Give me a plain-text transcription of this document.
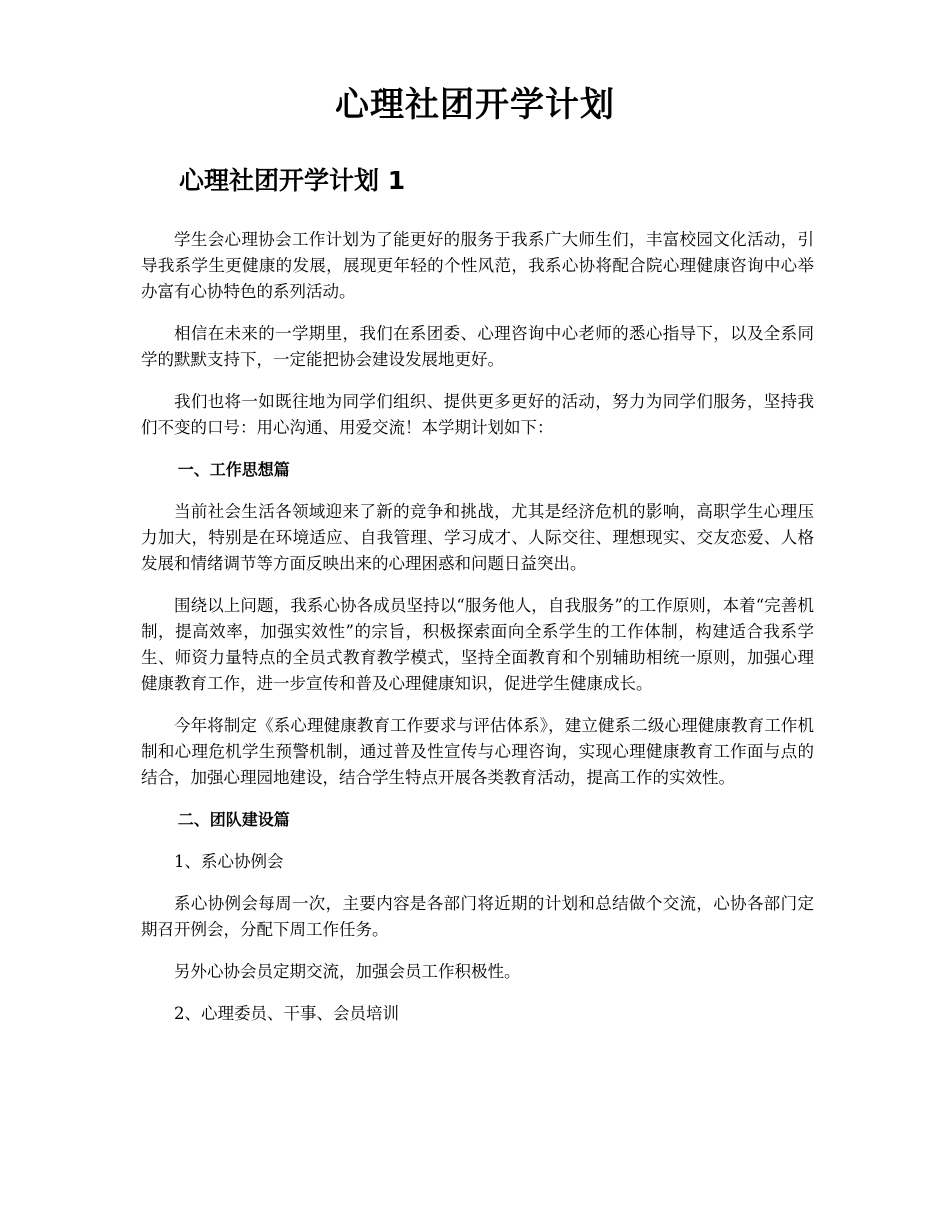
心理社团开学计划
心理社团开学计划 1

学生会心理协会工作计划为了能更好的服务于我系广大师生们，丰富校园文化活动，引导我系学生更健康的发展，展现更年轻的个性风范，我系心协将配合院心理健康咨询中心举办富有心协特色的系列活动。

相信在未来的一学期里，我们在系团委、心理咨询中心老师的悉心指导下，以及全系同学的默默支持下，一定能把协会建设发展地更好。

我们也将一如既往地为同学们组织、提供更多更好的活动，努力为同学们服务，坚持我们不变的口号：用心沟通、用爱交流！本学期计划如下：

一、工作思想篇

当前社会生活各领域迎来了新的竞争和挑战，尤其是经济危机的影响，高职学生心理压力加大，特别是在环境适应、自我管理、学习成才、人际交往、理想现实、交友恋爱、人格发展和情绪调节等方面反映出来的心理困惑和问题日益突出。

围绕以上问题，我系心协各成员坚持以“服务他人，自我服务”的工作原则，本着“完善机制，提高效率，加强实效性”的宗旨，积极探索面向全系学生的工作体制，构建适合我系学生、师资力量特点的全员式教育教学模式，坚持全面教育和个别辅助相统一原则，加强心理健康教育工作，进一步宣传和普及心理健康知识，促进学生健康成长。

今年将制定《系心理健康教育工作要求与评估体系》，建立健系二级心理健康教育工作机制和心理危机学生预警机制，通过普及性宣传与心理咨询，实现心理健康教育工作面与点的结合，加强心理园地建设，结合学生特点开展各类教育活动，提高工作的实效性。

二、团队建设篇

1、系心协例会

系心协例会每周一次，主要内容是各部门将近期的计划和总结做个交流，心协各部门定期召开例会，分配下周工作任务。

另外心协会员定期交流，加强会员工作积极性。

2、心理委员、干事、会员培训
